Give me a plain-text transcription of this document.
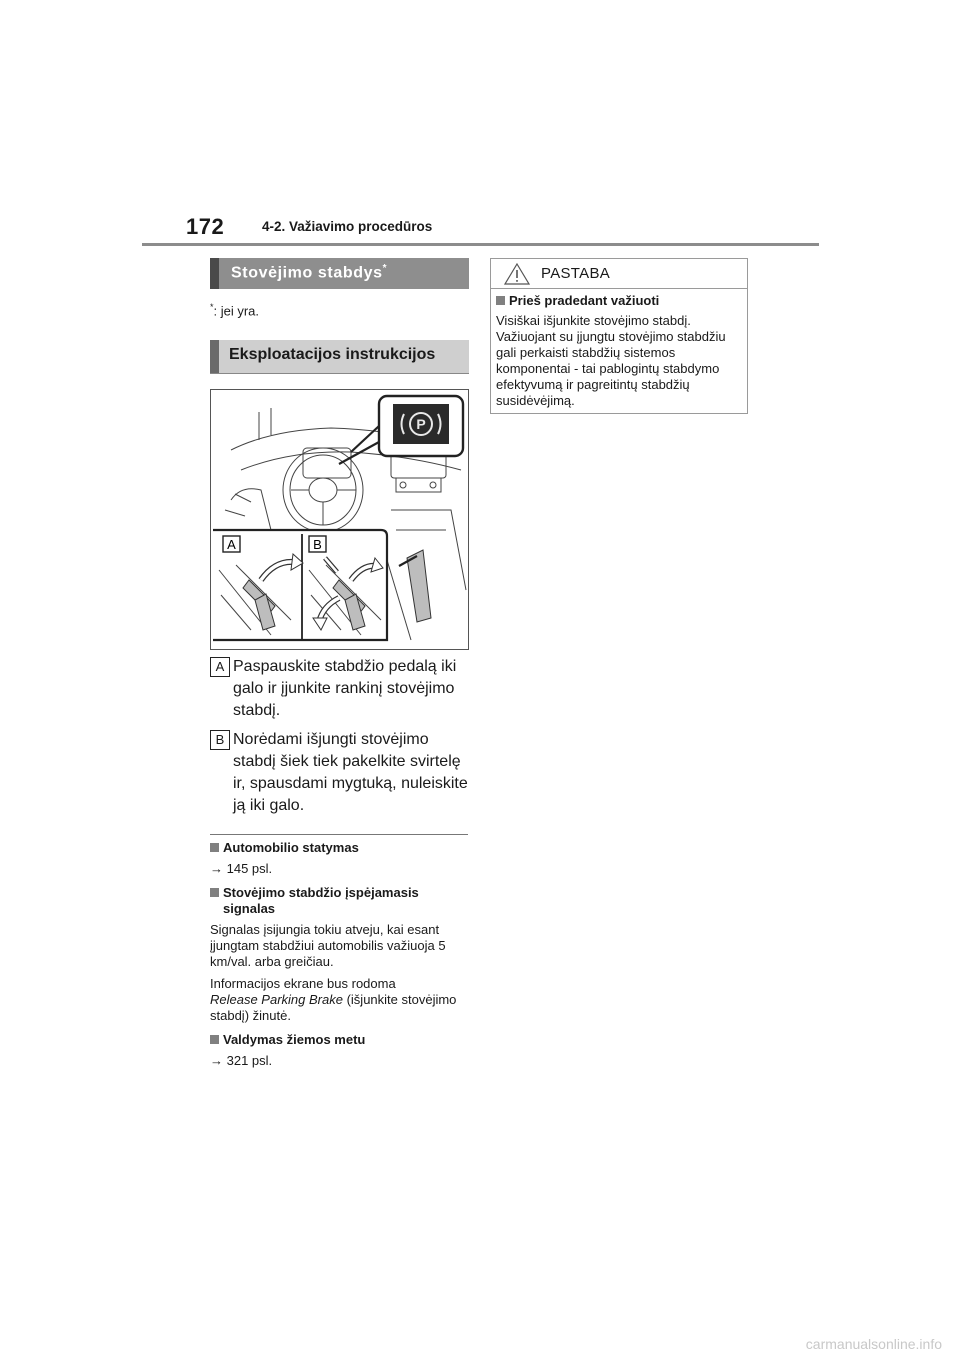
172	4-2. Važiavimo procedūros
Stovėjimo stabdys*
*: jei yra.
Eksploatacijos instrukcijos
P
A	B
A Paspauskite stabdžio pedalą iki galo ir įjunkite rankinį stovėjimo stabdį.
B Norėdami išjungti stovėjimo stabdį šiek tiek pakelkite svirtelę ir, spausdami mygtuką, nuleiskite ją iki galo.
Automobilio statymas
→ 145 psl.
Stovėjimo stabdžio įspėjamasis signalas
Signalas įsijungia tokiu atveju, kai esant įjungtam stabdžiui automobilis važiuoja 5 km/val. arba greičiau.
Informacijos ekrane bus rodoma
Release Parking Brake (išjunkite stovėjimo stabdį) žinutė.
Valdymas žiemos metu
→ 321 psl.
PASTABA
Prieš pradedant važiuoti
Visiškai išjunkite stovėjimo stabdį. Važiuojant su įjungtu stovėjimo stabdžiu gali perkaisti stabdžių sistemos komponentai - tai pablogintų stabdymo efektyvumą ir pagreitintų stabdžių susidėvėjimą.
carmanualsonline.info
